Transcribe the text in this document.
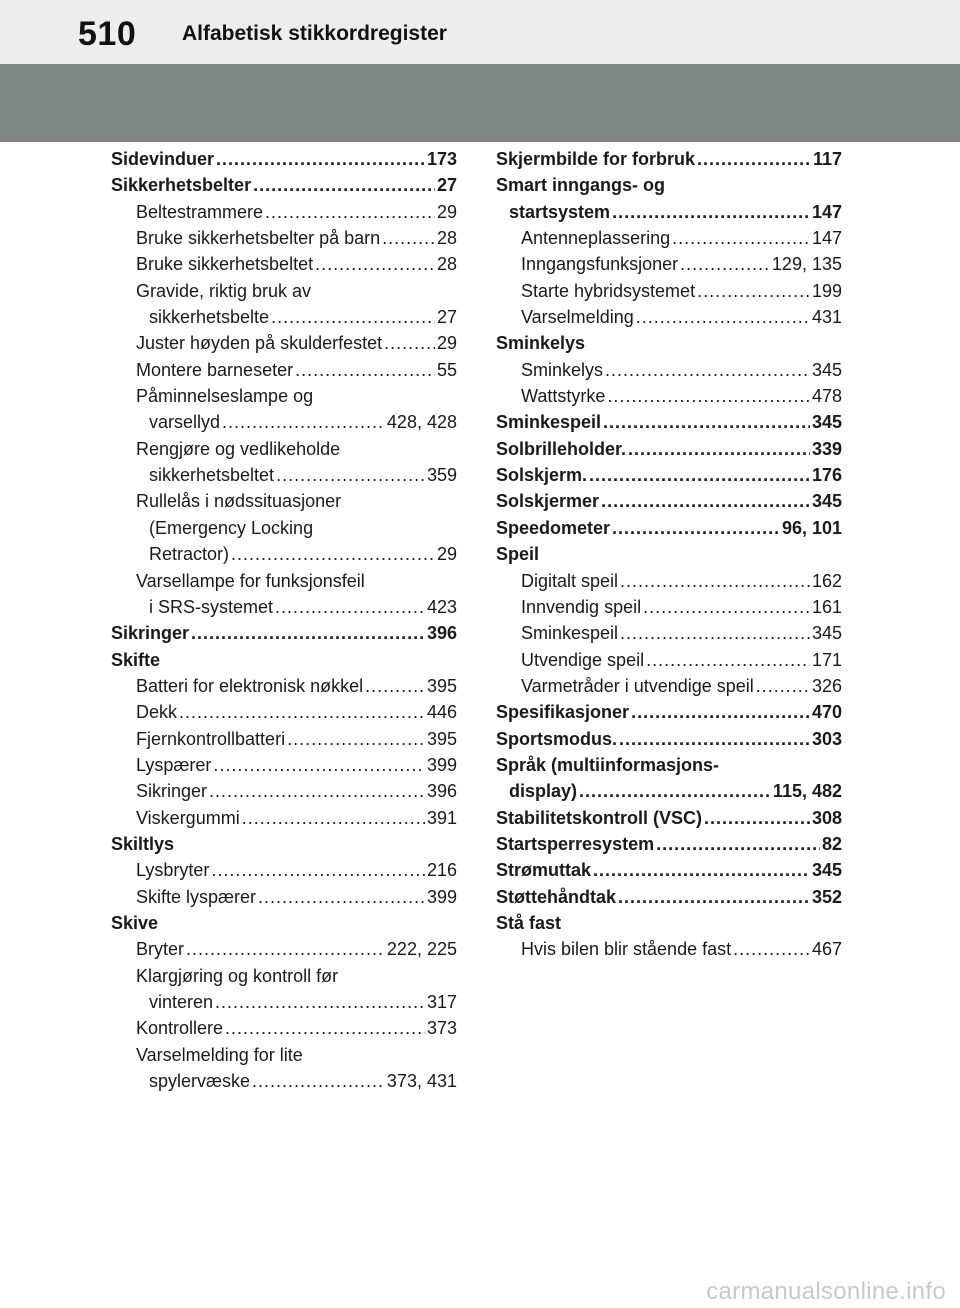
510 Alfabetisk stikkordregister
Sidevinduer .....	173
Sikkerhetsbelter .....	27
Beltestrammere .....	29
Bruke sikkerhetsbelter på barn .....	28
Bruke sikkerhetsbeltet .....	28
Gravide, riktig bruk av
sikkerhetsbelte .....	27
Juster høyden på skulderfestet .....	29
Montere barneseter .....	55
Påminnelseslampe og
varsellyd .....	428, 428
Rengjøre og vedlikeholde
sikkerhetsbeltet .....	359
Rullelås i nødssituasjoner
(Emergency Locking
Retractor) .....	29
Varsellampe for funksjonsfeil
i SRS-systemet .....	423
Sikringer .....	396
Skifte
Batteri for elektronisk nøkkel .....	395
Dekk .....	446
Fjernkontrollbatteri .....	395
Lyspærer .....	399
Sikringer .....	396
Viskergummi .....	391
Skiltlys
Lysbryter .....	216
Skifte lyspærer .....	399
Skive
Bryter .....	222, 225
Klargjøring og kontroll før
vinteren .....	317
Kontrollere .....	373
Varselmelding for lite
spylervæske .....	373, 431
Skjermbilde for forbruk .....	117
Smart inngangs- og
startsystem .....	147
Antenneplassering .....	147
Inngangsfunksjoner .....	129, 135
Starte hybridsystemet .....	199
Varselmelding .....	431
Sminkelys
Sminkelys .....	345
Wattstyrke .....	478
Sminkespeil .....	345
Solbrilleholder. .....	339
Solskjerm. .....	176
Solskjermer .....	345
Speedometer .....	96, 101
Speil
Digitalt speil .....	162
Innvendig speil .....	161
Sminkespeil .....	345
Utvendige speil .....	171
Varmetråder i utvendige speil .....	326
Spesifikasjoner .....	470
Sportsmodus. .....	303
Språk (multiinformasjons-
display) .....	115, 482
Stabilitetskontroll (VSC) .....	308
Startsperresystem .....	82
Strømuttak .....	345
Støttehåndtak .....	352
Stå fast
Hvis bilen blir stående fast .....	467
carmanualsonline.info
